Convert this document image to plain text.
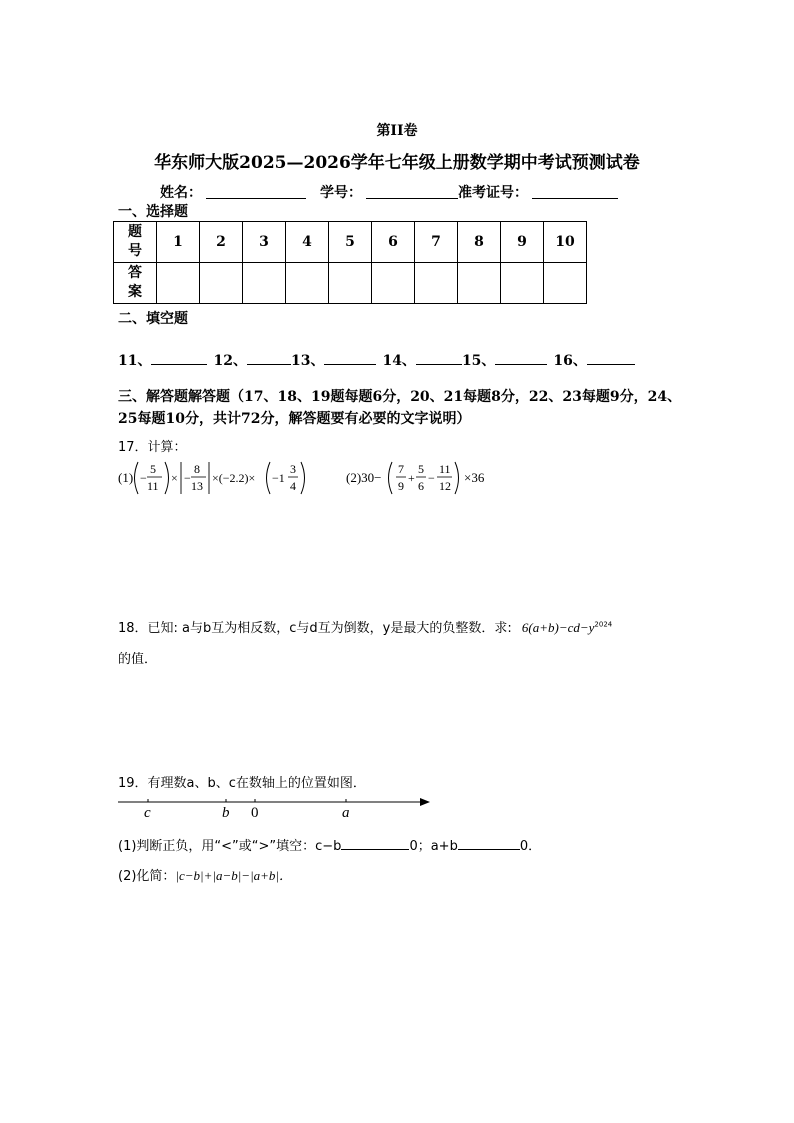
第II卷
华东师大版2025—2026学年七年级上册数学期中考试预测试卷
姓名：	学号：	准考证号：
一、选择题
题
号	1	2	3	4	5	6	7	8	9	10
答
案										
二、填空题
11、	12、	13、	14、	15、	16、
三、解答题解答题（17、18、19题每题6分，20、21每题8分，22、23每题9分，24、25每题10分，共计72分，解答题要有必要的文字说明）
17．计算：
(1) −
5
11
× −
8
13
×(−2.2)× −1
3
4
(2)30−
7
9
+
5
6
−
11
12
×36
18．已知: a与b互为相反数，c与d互为倒数，y是最大的负整数．求: $6(a+b)-cd-y^{2024}$
的值．
19．有理数a、b、c在数轴上的位置如图．
c	b 0	a
(1)判断正负，用“<”或“>”填空：c−b	0；a+b	0．
(2)化简：|c−b|+|a−b|−|a+b|．
